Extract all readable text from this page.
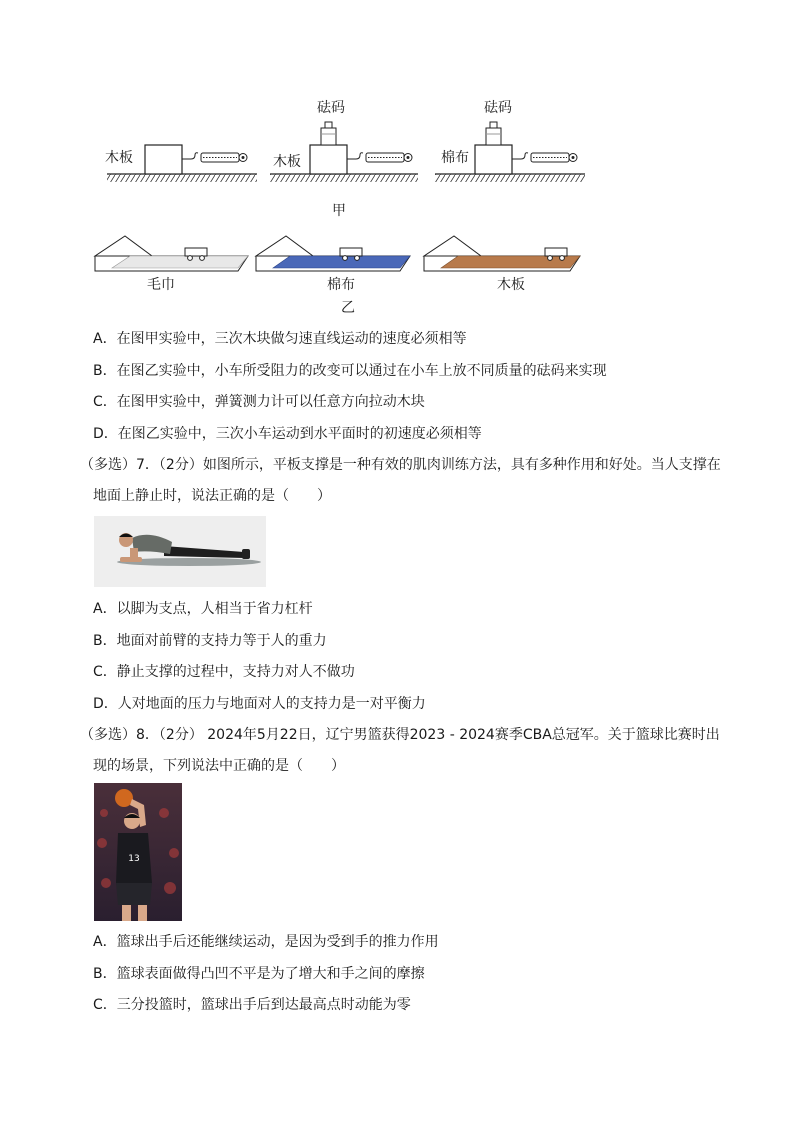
砝码	砝码
木板	木板	棉布
甲
毛巾	棉布	木板
乙
A．在图甲实验中，三次木块做匀速直线运动的速度必须相等
B．在图乙实验中，小车所受阻力的改变可以通过在小车上放不同质量的砝码来实现
C．在图甲实验中，弹簧测力计可以任意方向拉动木块
D．在图乙实验中，三次小车运动到水平面时的初速度必须相等
（多选）7．（2分）如图所示，平板支撑是一种有效的肌肉训练方法，具有多种作用和好处。当人支撑在
地面上静止时，说法正确的是（　　）
A．以脚为支点，人相当于省力杠杆
B．地面对前臂的支持力等于人的重力
C．静止支撑的过程中，支持力对人不做功
D．人对地面的压力与地面对人的支持力是一对平衡力
（多选）8．（2分） 2024年5月22日，辽宁男篮获得2023 - 2024赛季CBA总冠军。关于篮球比赛时出
现的场景，下列说法中正确的是（　　）
13
A．篮球出手后还能继续运动，是因为受到手的推力作用
B．篮球表面做得凸凹不平是为了增大和手之间的摩擦
C．三分投篮时，篮球出手后到达最高点时动能为零
